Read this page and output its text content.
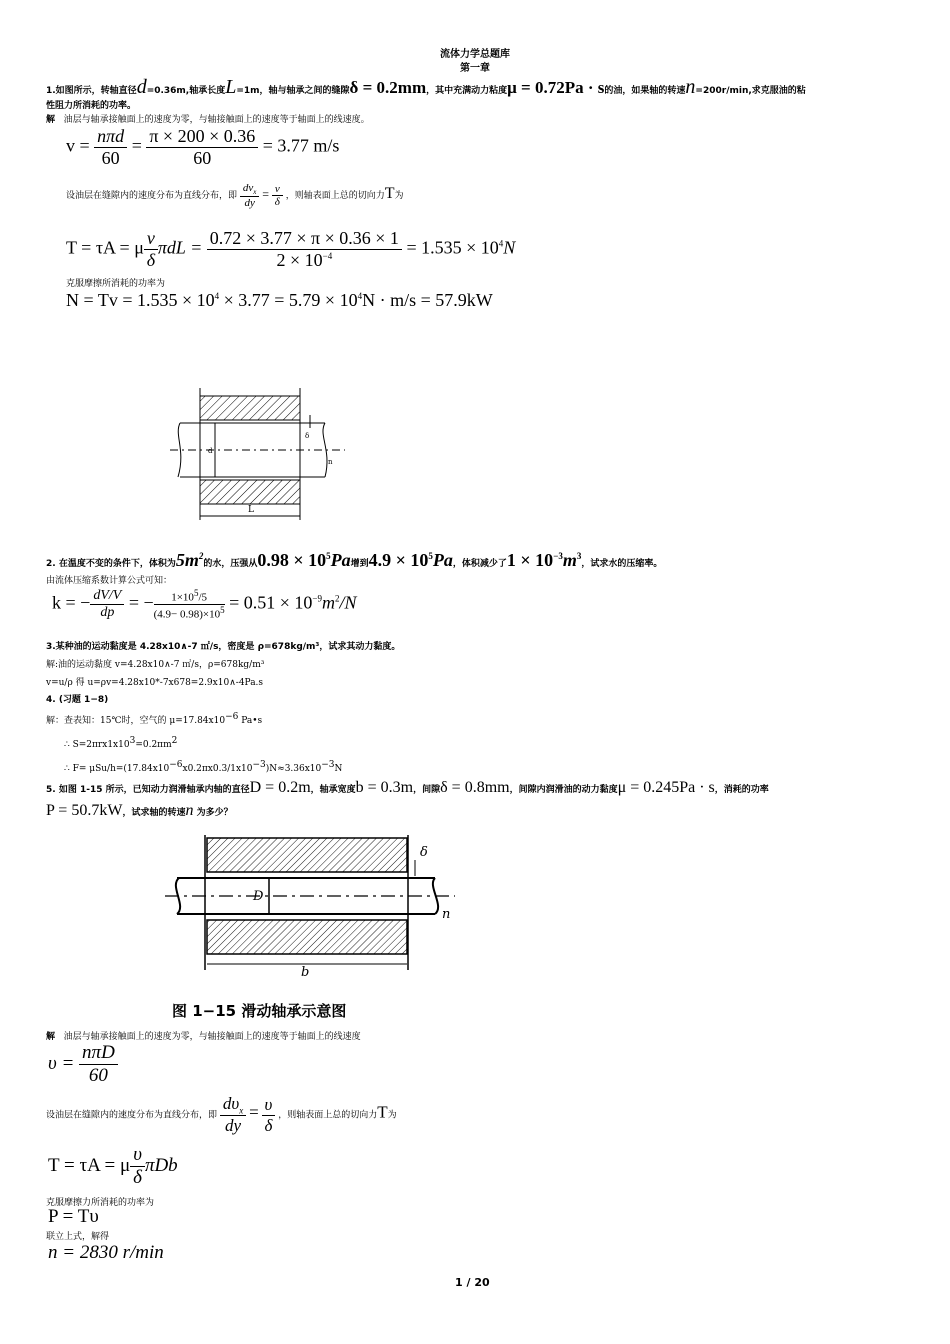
流体力学总题库
第一章
1.如图所示，转轴直径d=0.36m,轴承长度L=1m，轴与轴承之间的缝隙δ = 0.2mm，其中充满动力粘度μ = 0.72Pa · s的油，如果轴的转速n=200r/min,求克服油的粘
性阻力所消耗的功率。
解 油层与轴承接触面上的速度为零，与轴接触面上的速度等于轴面上的线速度。
$v = \frac{\text{nπd}}{60} = \frac{\pi \times 200 \times 0.36}{60} = 3.77$ m/s
设油层在缝隙内的速度分布为直线分布，即 $\frac{dv_x}{dy} = \frac{v}{\delta}$ ，则轴表面上总的切向力T为
T = τA = μ $\frac{v}{\delta}$ $\pi dL = \frac{0.72 \times 3.77 \times \pi \times 0.36 \times 1}{2 \times 10^{-4}} = 1.535 \times 10^4N$
克服摩擦所消耗的功率为
$N = Tv = 1.535 \times 10^4 \times 3.77 = 5.79 \times 10^4N \cdot m/s = 57.9kW$
δ
d
n
L
2. 在温度不变的条件下，体积为$5m^2$的水，压强从$0.98 \times 10^5Pa$增到$4.9 \times 10^5Pa$，体积减少了$1 \times 10^{-3}m^3$，试求水的压缩率。
由流体压缩系数计算公式可知：
k = − $\frac{dV/V}{dp}$ = − $\frac{1\times 10^5/5}{(4.9- 0.98)\times 10^5} = 0.51 \times 10^{-9}m^2/N$
3.某种油的运动黏度是 4.28x10∧-7 ㎡/s，密度是 ρ=678kg/m³，试求其动力黏度。
解:油的运动黏度 v=4.28x10∧-7 ㎡/s，ρ=678kg/m³
v=u/ρ 得 u=ρv=4.28x10*-7x678=2.9x10∧-4Pa.s
4. (习题 1−8)
解：查表知：15℃时，空气的 μ=17.84x10−6 Pa•s
∴ S=2πrx1x103=0.2πm2
∴ F= μSu/h=(17.84x10−6x0.2πx0.3/1x10−3)N≈3.36x10−3N
5. 如图 1-15 所示，已知动力润滑轴承内轴的直径D = 0.2m，轴承宽度b = 0.3m，间隙δ = 0.8mm，间隙内润滑油的动力黏度μ = 0.245Pa · s，消耗的功率
P = 50.7kW，试求轴的转速n 为多少？
D
δ
n
b
图 1−15 滑动轴承示意图
解 油层与轴承接触面上的速度为零，与轴接触面上的速度等于轴面上的线速度
$\upsilon = \frac{\text{nπD}}{60}$
设油层在缝隙内的速度分布为直线分布，即 $\frac{d\upsilon_x}{dy} = \frac{\upsilon}{\delta}$ ，则轴表面上总的切向力T为
T = τA = μ $\frac{\upsilon}{\delta}$ πDb
克服摩擦力所消耗的功率为
P = Tυ
联立上式，解得
n = 2830 r/min
1 / 20
